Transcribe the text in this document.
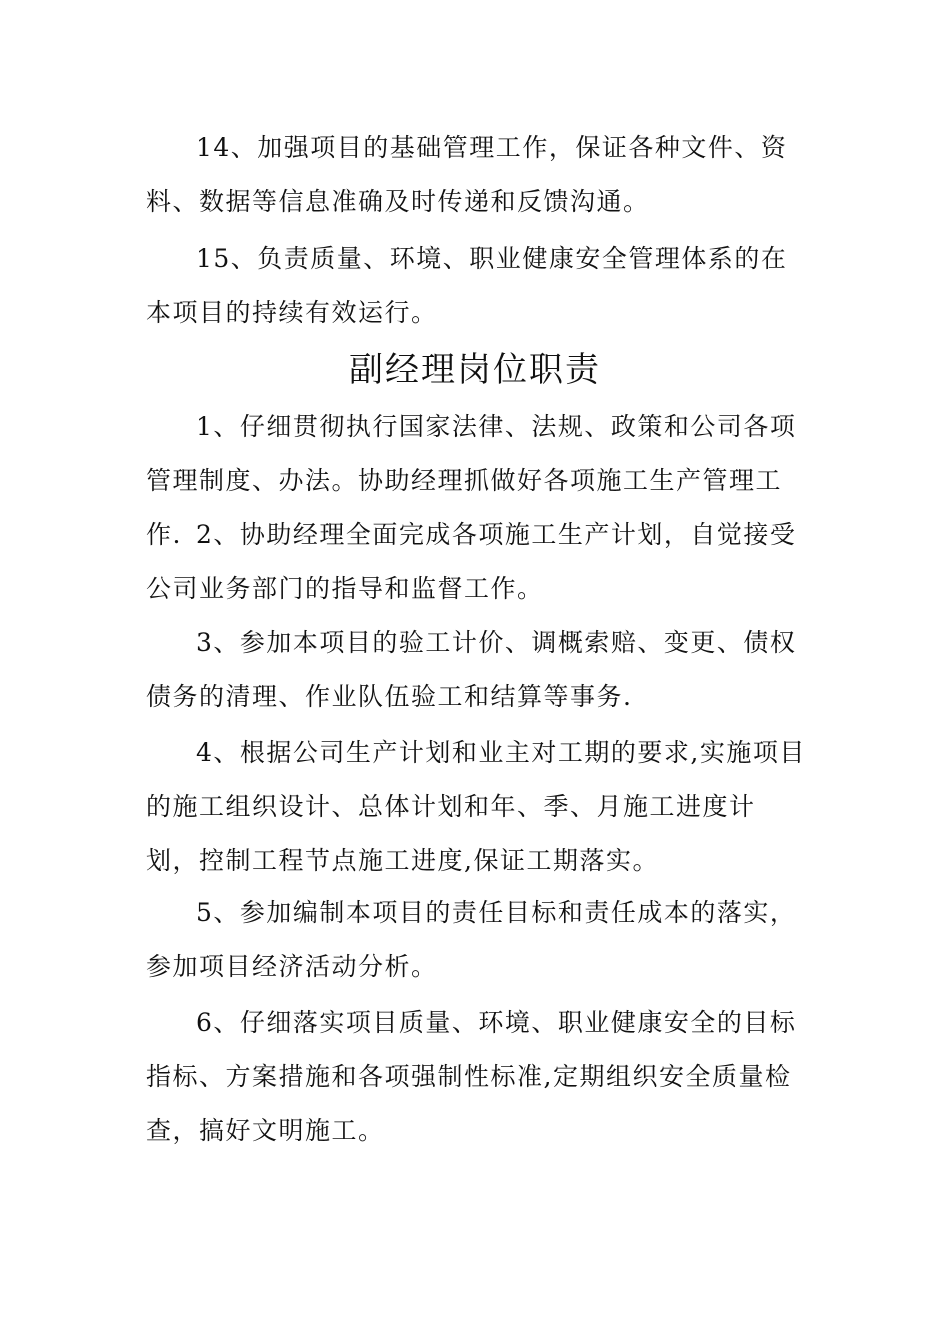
14、加强项目的基础管理工作，保证各种文件、资料、数据等信息准确及时传递和反馈沟通。

15、负责质量、环境、职业健康安全管理体系的在本项目的持续有效运行。

副经理岗位职责

1、仔细贯彻执行国家法律、法规、政策和公司各项管理制度、办法。协助经理抓做好各项施工生产管理工作. 2、协助经理全面完成各项施工生产计划，自觉接受公司业务部门的指导和监督工作。

3、参加本项目的验工计价、调概索赔、变更、债权债务的清理、作业队伍验工和结算等事务.

4、根据公司生产计划和业主对工期的要求,实施项目的施工组织设计、总体计划和年、季、月施工进度计划，控制工程节点施工进度,保证工期落实。

5、参加编制本项目的责任目标和责任成本的落实，参加项目经济活动分析。

6、仔细落实项目质量、环境、职业健康安全的目标指标、方案措施和各项强制性标准,定期组织安全质量检查，搞好文明施工。
